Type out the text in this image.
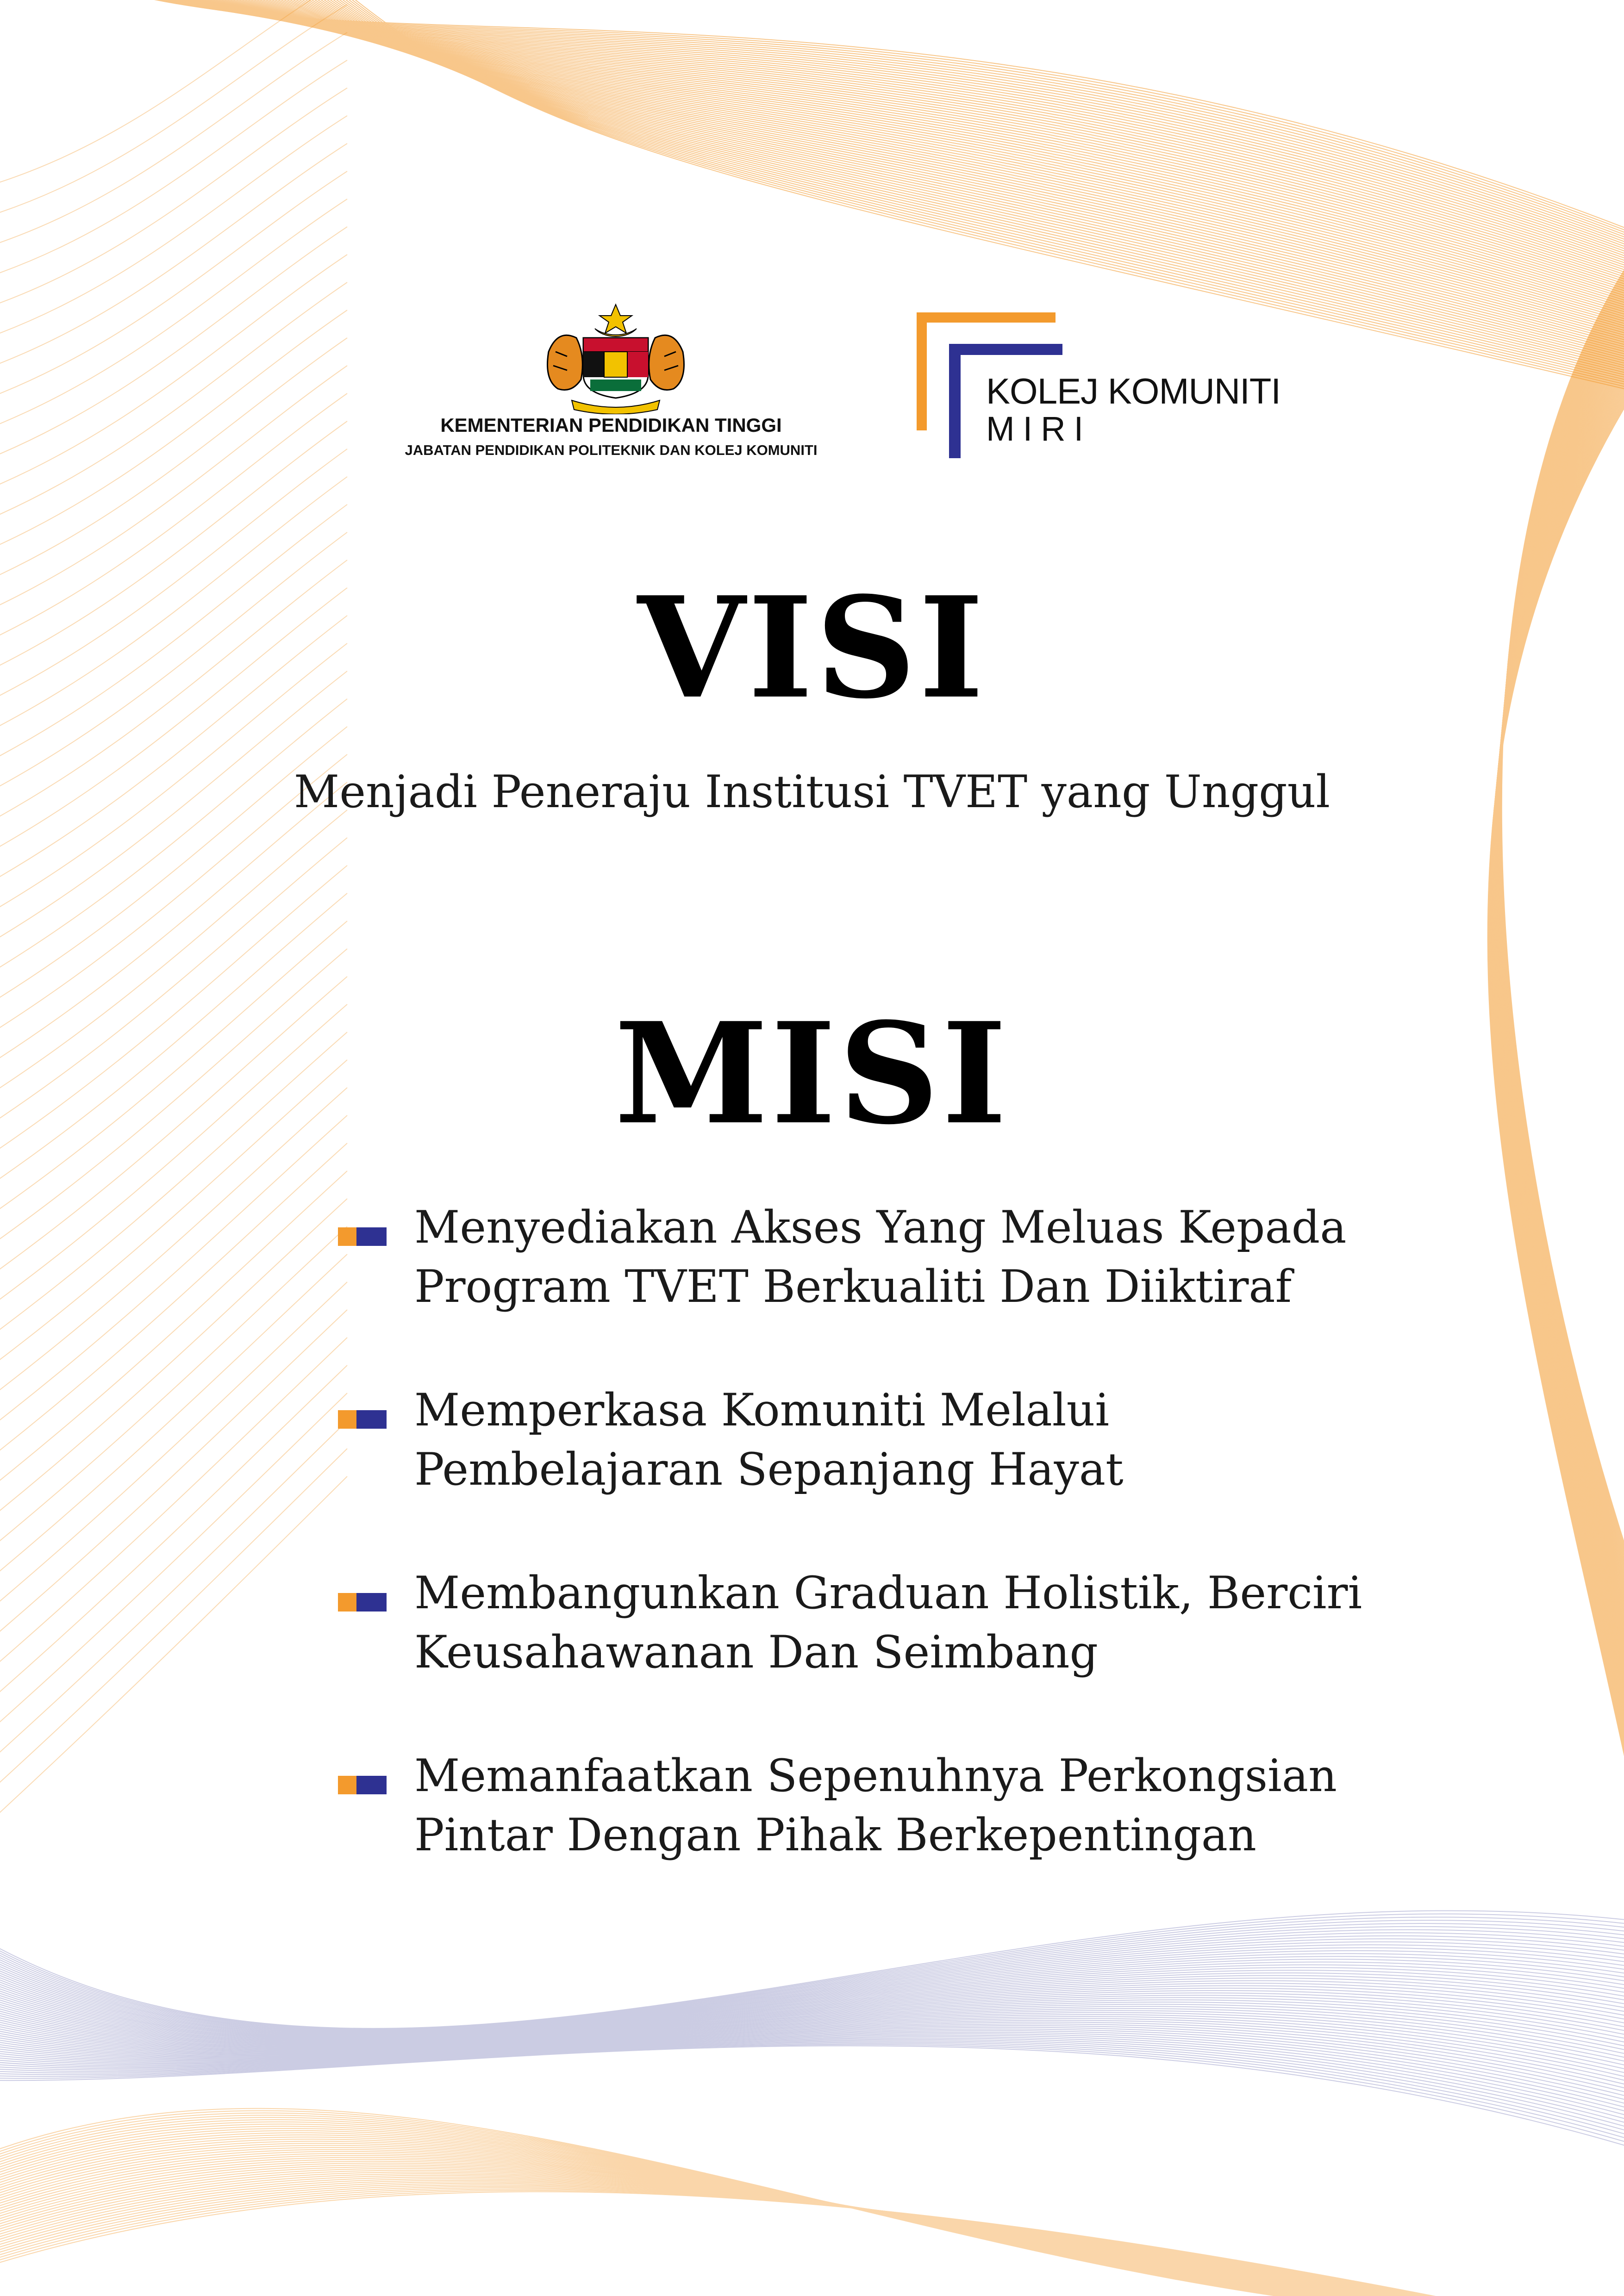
KEMENTERIAN PENDIDIKAN TINGGI

JABATAN PENDIDIKAN POLITEKNIK DAN KOLEJ KOMUNITI

KOLEJ KOMUNITI

MIRI

VISI

Menjadi Peneraju Institusi TVET yang Unggul

MISI

Menyediakan Akses Yang Meluas Kepada

Program TVET Berkualiti Dan Diiktiraf

Memperkasa Komuniti Melalui

Pembelajaran Sepanjang Hayat

Membangunkan Graduan Holistik, Berciri

Keusahawanan Dan Seimbang

Memanfaatkan Sepenuhnya Perkongsian

Pintar Dengan Pihak Berkepentingan
